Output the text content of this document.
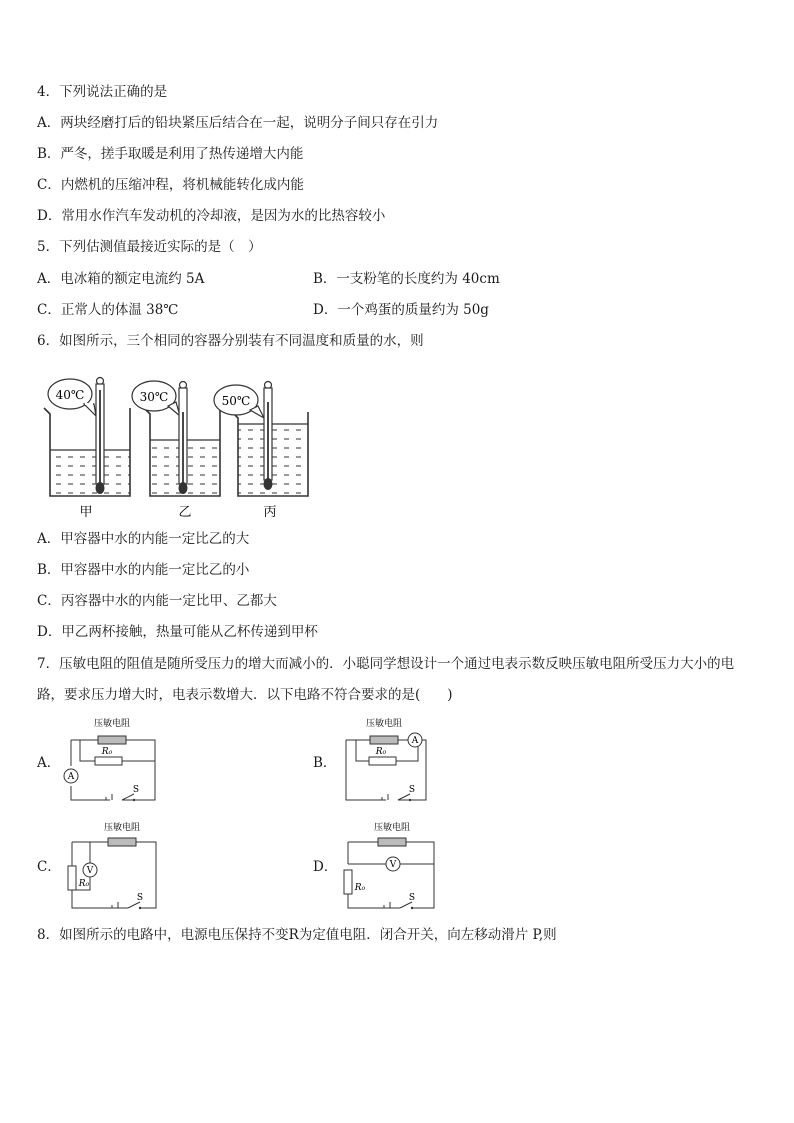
4．下列说法正确的是
A．两块经磨打后的铅块紧压后结合在一起，说明分子间只存在引力
B．严冬，搓手取暖是利用了热传递增大内能
C．内燃机的压缩冲程，将机械能转化成内能
D．常用水作汽车发动机的冷却液，是因为水的比热容较小
5．下列估测值最接近实际的是（　）
A．电冰箱的额定电流约 5A	B．一支粉笔的长度约为 40cm
C．正常人的体温 38℃	D．一个鸡蛋的质量约为 50g
6．如图所示，三个相同的容器分别装有不同温度和质量的水，则
40℃
甲
30℃
乙
50℃
丙
A．甲容器中水的内能一定比乙的大
B．甲容器中水的内能一定比乙的小
C．丙容器中水的内能一定比甲、乙都大
D．甲乙两杯接触，热量可能从乙杯传递到甲杯
7．压敏电阻的阻值是随所受压力的增大而减小的．小聪同学想设计一个通过电表示数反映压敏电阻所受压力大小的电
路，要求压力增大时，电表示数增大．以下电路不符合要求的是(　　)
A．
压敏电阻
R₀
A
S
B．
压敏电阻
A
R₀
S
C．
压敏电阻
R₀
V
S
D．
压敏电阻
V
R₀
S
8．如图所示的电路中，电源电压保持不变R为定值电阻．闭合开关，向左移动滑片 P,则
